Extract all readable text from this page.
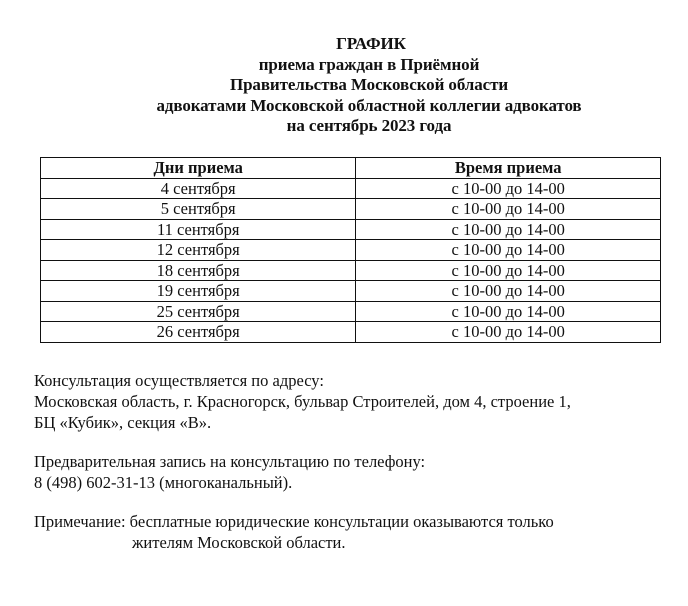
ГРАФИК
приема граждан в Приёмной
Правительства Московской области
адвокатами Московской областной коллегии адвокатов
на сентябрь 2023 года
Дни приема	Время приема
4 сентября	с 10-00 до 14-00
5 сентября	с 10-00 до 14-00
11 сентября	с 10-00 до 14-00
12 сентября	с 10-00 до 14-00
18 сентября	с 10-00 до 14-00
19 сентября	с 10-00 до 14-00
25 сентября	с 10-00 до 14-00
26 сентября	с 10-00 до 14-00
Консультация осуществляется по адресу:
Московская область, г. Красногорск, бульвар Строителей, дом 4, строение 1,
БЦ «Кубик», секция «В».
Предварительная запись на консультацию по телефону:
8 (498) 602-31-13 (многоканальный).
Примечание: бесплатные юридические консультации оказываются только
жителям Московской области.
